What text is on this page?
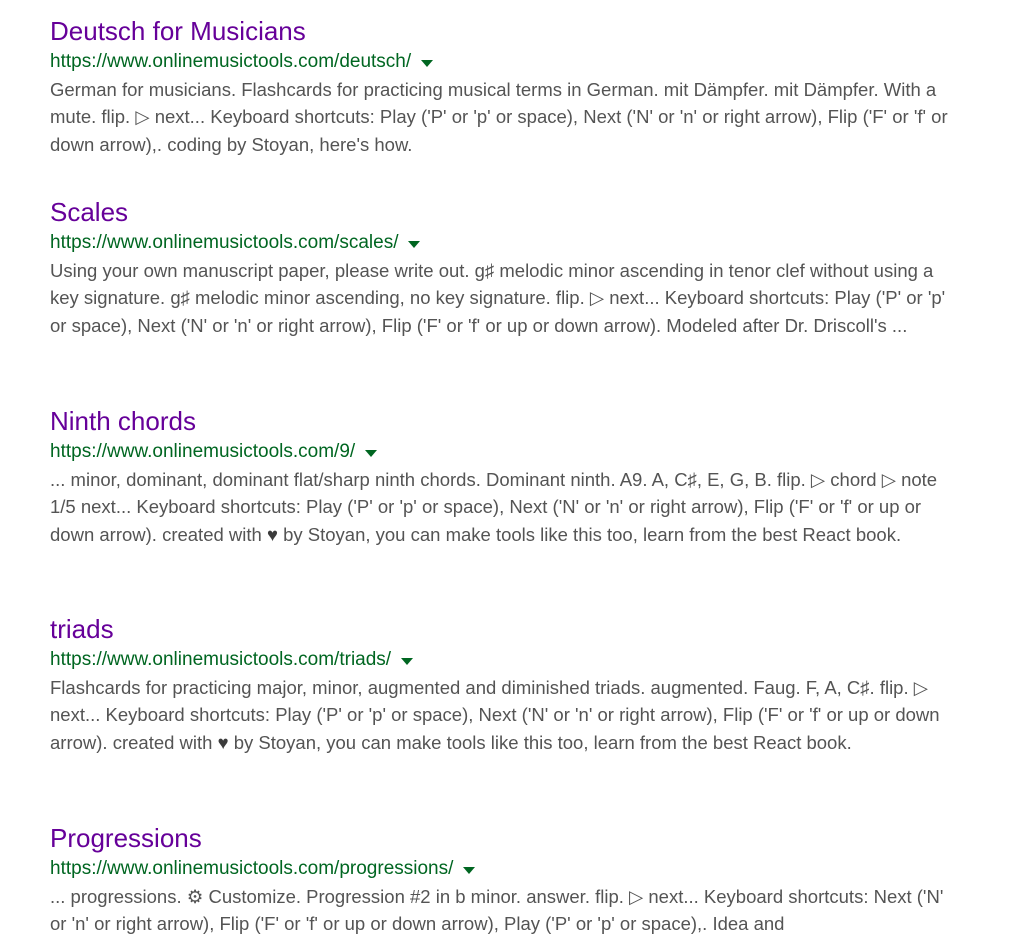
Deutsch for Musicians
https://www.onlinemusictools.com/deutsch/
German for musicians. Flashcards for practicing musical terms in German. mit Dämpfer. mit Dämpfer. With a mute. flip. ▷ next... Keyboard shortcuts: Play ('P' or 'p' or space), Next ('N' or 'n' or right arrow), Flip ('F' or 'f' or down arrow),. coding by Stoyan, here's how.
Scales
https://www.onlinemusictools.com/scales/
Using your own manuscript paper, please write out. g♯ melodic minor ascending in tenor clef without using a key signature. g♯ melodic minor ascending, no key signature. flip. ▷ next... Keyboard shortcuts: Play ('P' or 'p' or space), Next ('N' or 'n' or right arrow), Flip ('F' or 'f' or up or down arrow). Modeled after Dr. Driscoll's ...
Ninth chords
https://www.onlinemusictools.com/9/
... minor, dominant, dominant flat/sharp ninth chords. Dominant ninth. A9. A, C♯, E, G, B. flip. ▷ chord ▷ note 1/5 next... Keyboard shortcuts: Play ('P' or 'p' or space), Next ('N' or 'n' or right arrow), Flip ('F' or 'f' or up or down arrow). created with ♥ by Stoyan, you can make tools like this too, learn from the best React book.
triads
https://www.onlinemusictools.com/triads/
Flashcards for practicing major, minor, augmented and diminished triads. augmented. Faug. F, A, C♯. flip. ▷ next... Keyboard shortcuts: Play ('P' or 'p' or space), Next ('N' or 'n' or right arrow), Flip ('F' or 'f' or up or down arrow). created with ♥ by Stoyan, you can make tools like this too, learn from the best React book.
Progressions
https://www.onlinemusictools.com/progressions/
... progressions. ⚙ Customize. Progression #2 in b minor. answer. flip. ▷ next... Keyboard shortcuts: Next ('N' or 'n' or right arrow), Flip ('F' or 'f' or up or down arrow), Play ('P' or 'p' or space),. Idea and
